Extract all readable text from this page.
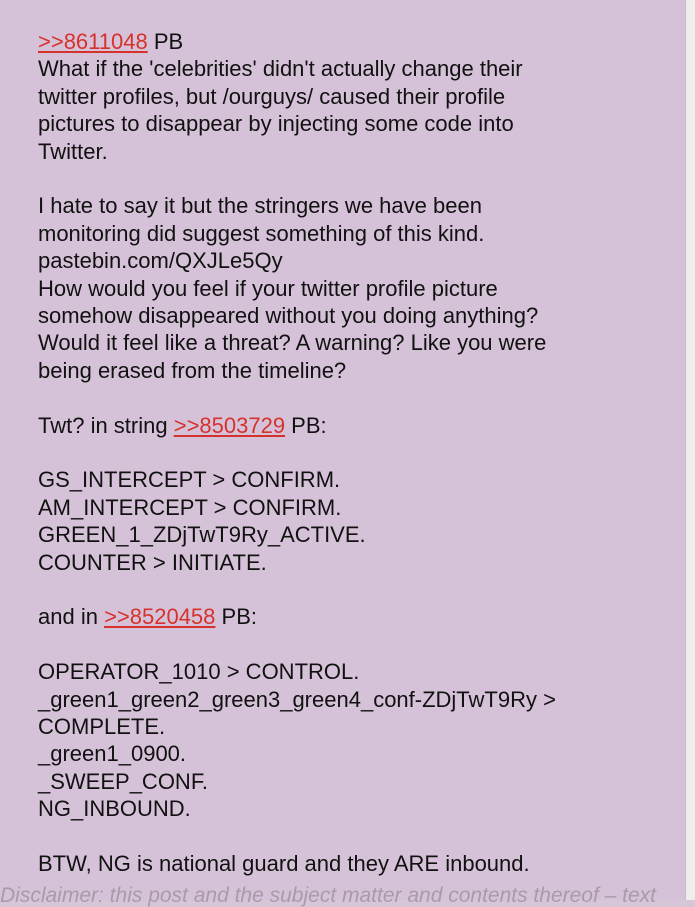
>>8611048 PB
What if the 'celebrities' didn't actually change their
twitter profiles, but /ourguys/ caused their profile
pictures to disappear by injecting some code into
Twitter.
I hate to say it but the stringers we have been
monitoring did suggest something of this kind.
pastebin.com/QXJLe5Qy
How would you feel if your twitter profile picture
somehow disappeared without you doing anything?
Would it feel like a threat? A warning? Like you were
being erased from the timeline?
Twt? in string >>8503729 PB:
GS_INTERCEPT > CONFIRM.
AM_INTERCEPT > CONFIRM.
GREEN_1_ZDjTwT9Ry_ACTIVE.
COUNTER > INITIATE.
and in >>8520458 PB:
OPERATOR_1010 > CONTROL.
_green1_green2_green3_green4_conf-ZDjTwT9Ry >
COMPLETE.
_green1_0900.
_SWEEP_CONF.
NG_INBOUND.
BTW, NG is national guard and they ARE inbound.
Disclaimer: this post and the subject matter and contents thereof – text
